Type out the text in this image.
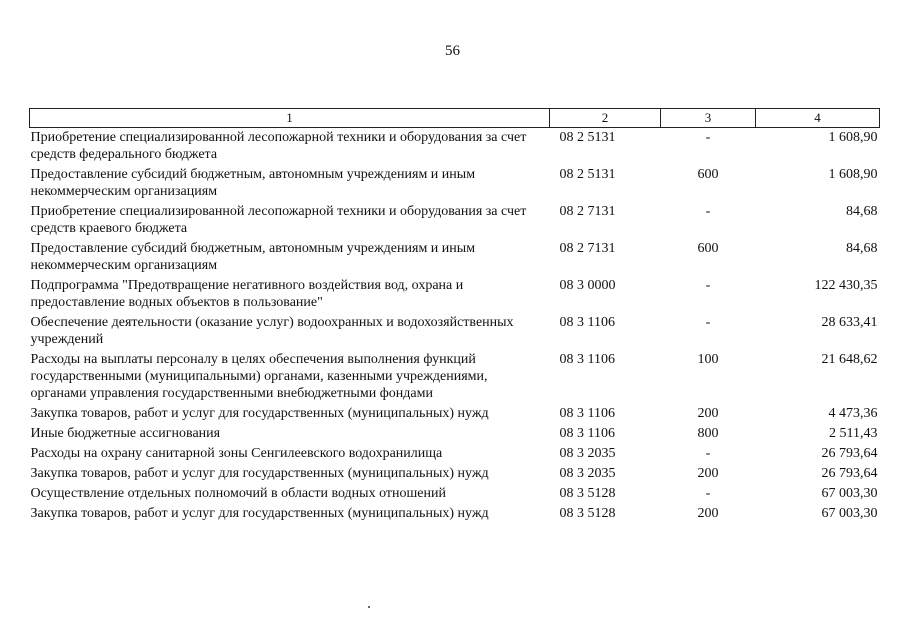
56
1	2	3	4
Приобретение специализированной лесопожарной техники и оборудования за счет средств федерального бюджета	08 2 5131	-	1 608,90
Предоставление субсидий бюджетным, автономным учреждениям и иным некоммерческим организациям	08 2 5131	600	1 608,90
Приобретение специализированной лесопожарной техники и оборудования за счет средств краевого бюджета	08 2 7131	-	84,68
Предоставление субсидий бюджетным, автономным учреждениям и иным некоммерческим организациям	08 2 7131	600	84,68
Подпрограмма "Предотвращение негативного воздействия вод, охрана и предоставление водных объектов в пользование"	08 3 0000	-	122 430,35
Обеспечение деятельности (оказание услуг) водоохранных и водохозяйственных учреждений	08 3 1106	-	28 633,41
Расходы на выплаты персоналу в целях обеспечения выполнения функций государственными (муниципальными) органами, казенными учреждениями, органами управления государственными внебюджетными фондами	08 3 1106	100	21 648,62
Закупка товаров, работ и услуг для государственных (муниципальных) нужд	08 3 1106	200	4 473,36
Иные бюджетные ассигнования	08 3 1106	800	2 511,43
Расходы на охрану санитарной зоны Сенгилеевского водохранилища	08 3 2035	-	26 793,64
Закупка товаров, работ и услуг для государственных (муниципальных) нужд	08 3 2035	200	26 793,64
Осуществление отдельных полномочий в области водных отношений	08 3 5128	-	67 003,30
Закупка товаров, работ и услуг для государственных (муниципальных) нужд	08 3 5128	200	67 003,30
